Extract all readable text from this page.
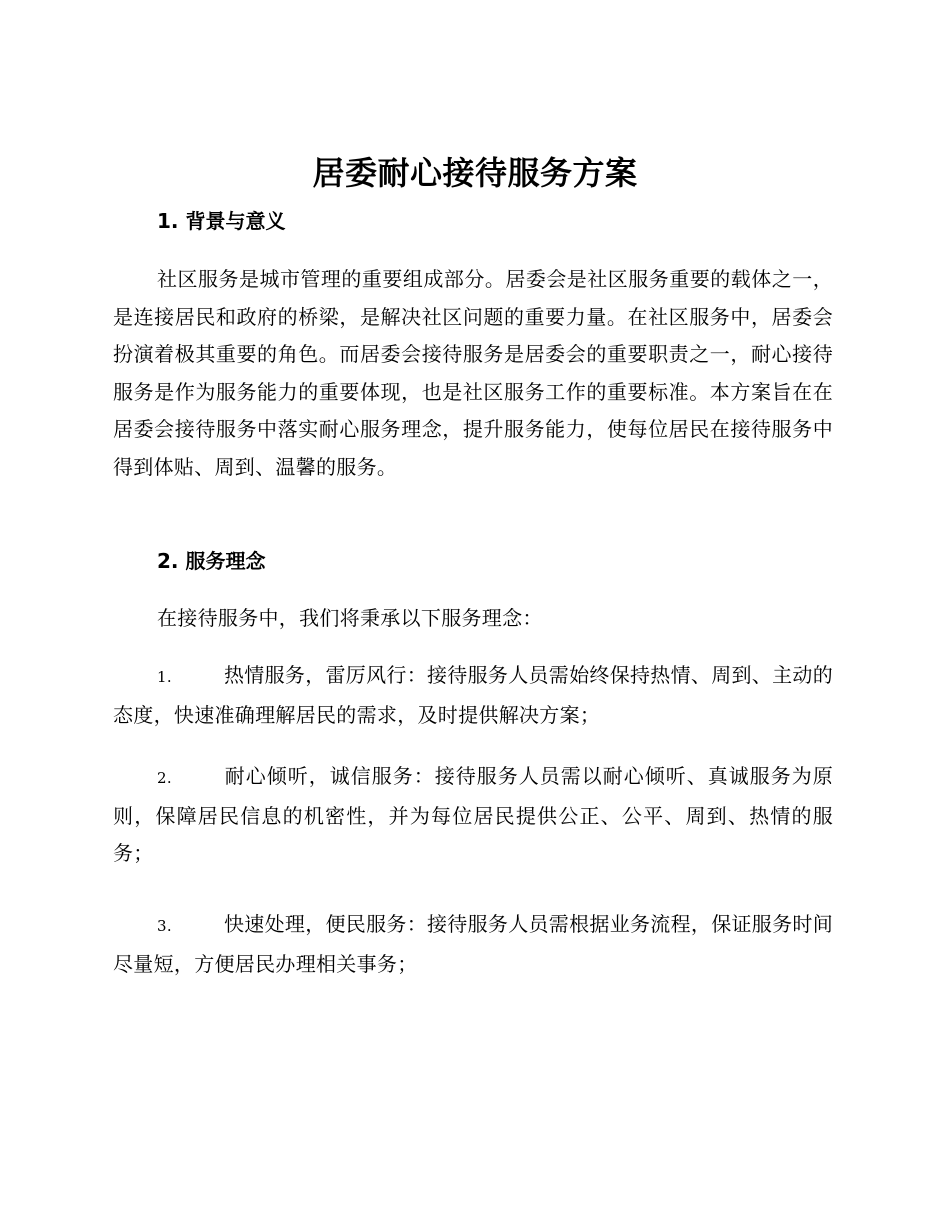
居委耐心接待服务方案
1. 背景与意义

社区服务是城市管理的重要组成部分。居委会是社区服务重要的载体之一，是连接居民和政府的桥梁，是解决社区问题的重要力量。在社区服务中，居委会扮演着极其重要的角色。而居委会接待服务是居委会的重要职责之一，耐心接待服务是作为服务能力的重要体现，也是社区服务工作的重要标准。本方案旨在在居委会接待服务中落实耐心服务理念，提升服务能力，使每位居民在接待服务中得到体贴、周到、温馨的服务。

2. 服务理念

在接待服务中，我们将秉承以下服务理念：

1.	热情服务，雷厉风行：接待服务人员需始终保持热情、周到、主动的态度，快速准确理解居民的需求，及时提供解决方案；

2.	耐心倾听，诚信服务：接待服务人员需以耐心倾听、真诚服务为原则，保障居民信息的机密性，并为每位居民提供公正、公平、周到、热情的服务；

3.	快速处理，便民服务：接待服务人员需根据业务流程，保证服务时间尽量短，方便居民办理相关事务；
